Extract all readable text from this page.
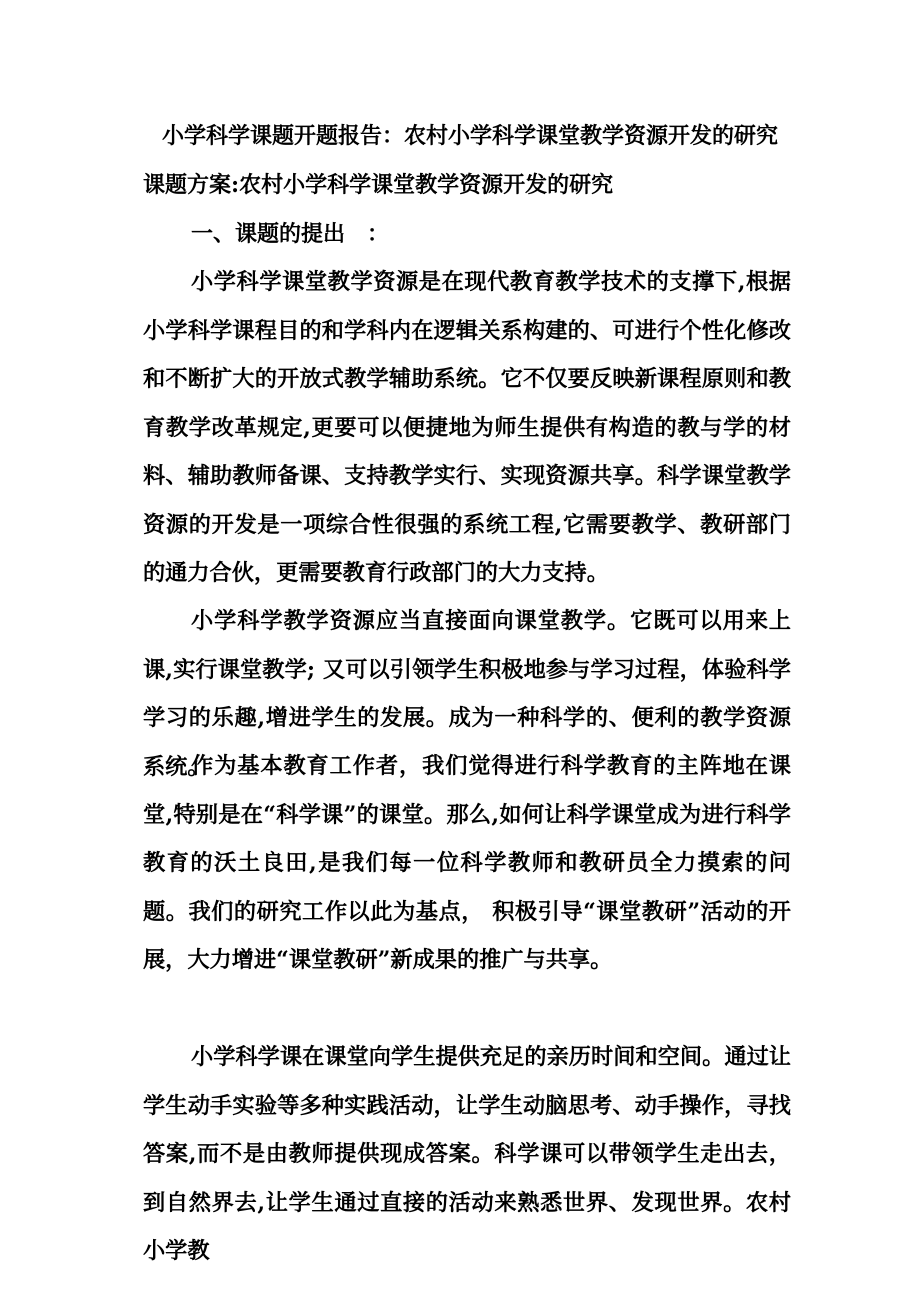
小学科学课题开题报告：农村小学科学课堂教学资源开发的研究
课题方案:农村小学科学课堂教学资源开发的研究
一、课题的提出　：

小学科学课堂教学资源是在现代教育教学技术的支撑下,根据小学科学课程目的和学科内在逻辑关系构建的、可进行个性化修改和不断扩大的开放式教学辅助系统。它不仅要反映新课程原则和教育教学改革规定,更要可以便捷地为师生提供有构造的教与学的材料、辅助教师备课、支持教学实行、实现资源共享。科学课堂教学资源的开发是一项综合性很强的系统工程,它需要教学、教研部门的通力合伙，更需要教育行政部门的大力支持。

小学科学教学资源应当直接面向课堂教学。它既可以用来上课,实行课堂教学; 又可以引领学生积极地参与学习过程，体验科学学习的乐趣,增进学生的发展。成为一种科学的、便利的教学资源系统。

作为基本教育工作者，我们觉得进行科学教育的主阵地在课堂,特别是在“科学课”的课堂。那么,如何让科学课堂成为进行科学教育的沃土良田,是我们每一位科学教师和教研员全力摸索的问题。我们的研究工作以此为基点， 积极引导“课堂教研”活动的开展，大力增进“课堂教研”新成果的推广与共享。

小学科学课在课堂向学生提供充足的亲历时间和空间。通过让学生动手实验等多种实践活动，让学生动脑思考、动手操作，寻找答案,而不是由教师提供现成答案。科学课可以带领学生走出去，到自然界去,让学生通过直接的活动来熟悉世界、发现世界。农村小学教
